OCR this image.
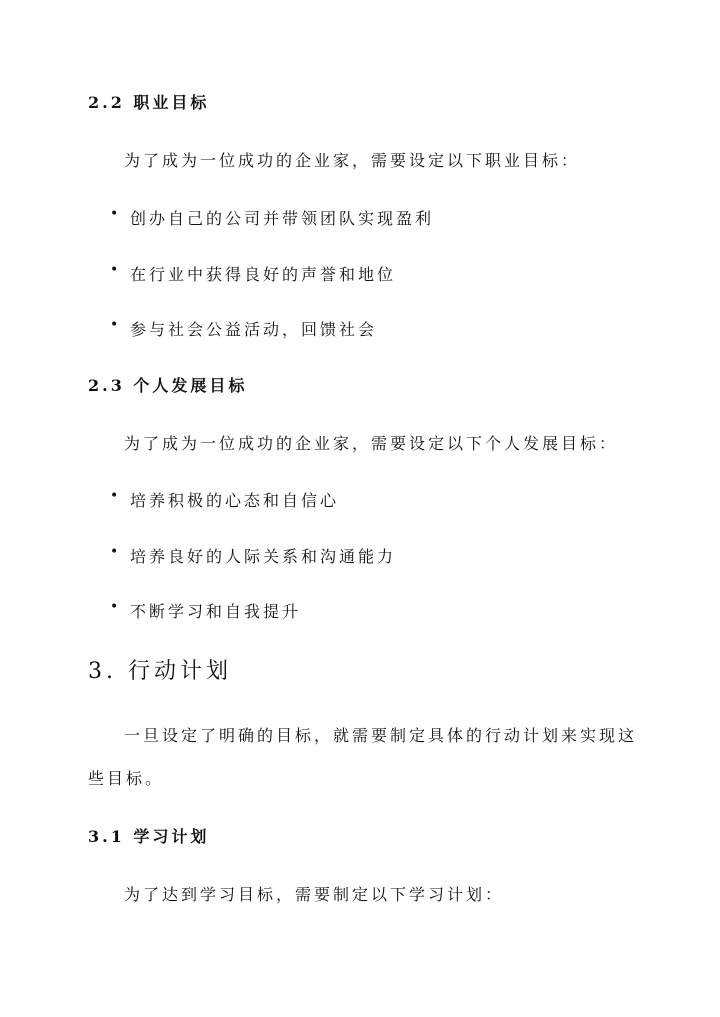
2.2 职业目标
为了成为一位成功的企业家，需要设定以下职业目标：
• 创办自己的公司并带领团队实现盈利
• 在行业中获得良好的声誉和地位
• 参与社会公益活动，回馈社会
2.3 个人发展目标
为了成为一位成功的企业家，需要设定以下个人发展目标：
• 培养积极的心态和自信心
• 培养良好的人际关系和沟通能力
• 不断学习和自我提升
3. 行动计划
一旦设定了明确的目标，就需要制定具体的行动计划来实现这
些目标。
3.1 学习计划
为了达到学习目标，需要制定以下学习计划：
